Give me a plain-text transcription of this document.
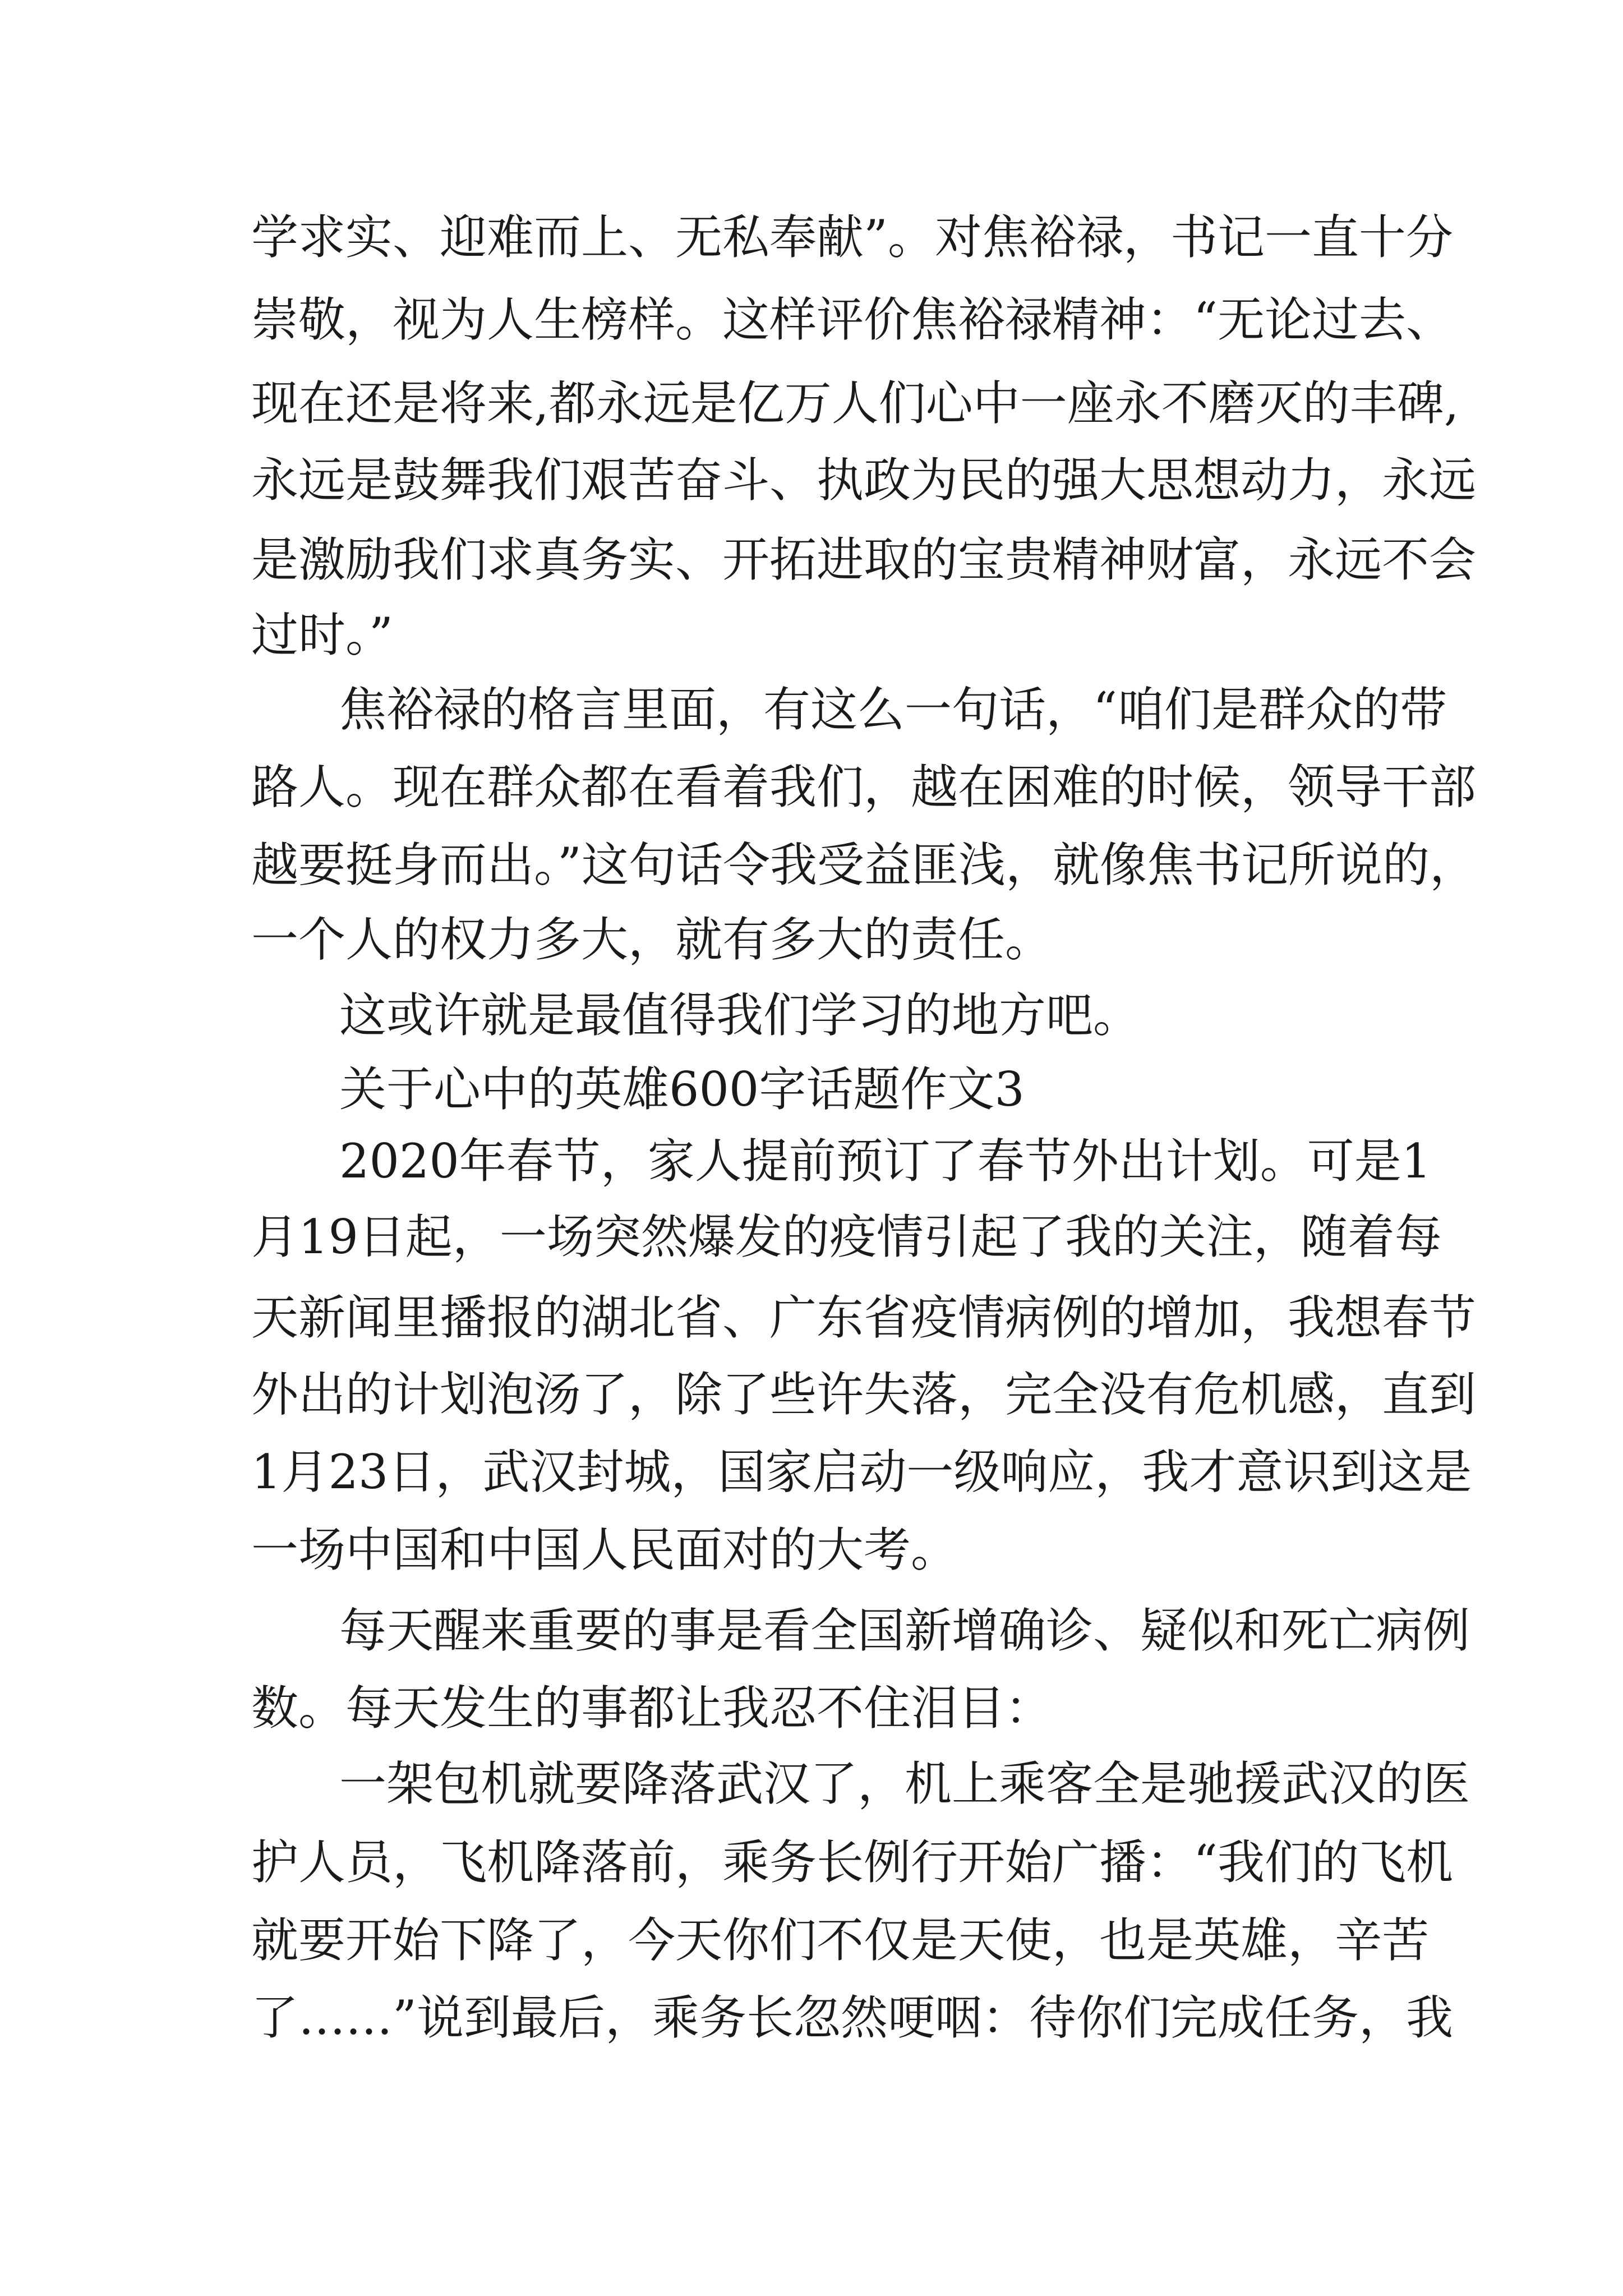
学求实、迎难而上、无私奉献”。对焦裕禄，书记一直十分

崇敬，视为人生榜样。这样评价焦裕禄精神：“无论过去、

现在还是将来,都永远是亿万人们心中一座永不磨灭的丰碑,

永远是鼓舞我们艰苦奋斗、执政为民的强大思想动力，永远

是激励我们求真务实、开拓进取的宝贵精神财富，永远不会

过时。”

焦裕禄的格言里面，有这么一句话，“咱们是群众的带

路人。现在群众都在看着我们，越在困难的时候，领导干部

越要挺身而出。”这句话令我受益匪浅，就像焦书记所说的，

一个人的权力多大，就有多大的责任。

这或许就是最值得我们学习的地方吧。

关于心中的英雄600字话题作文3

2020年春节，家人提前预订了春节外出计划。可是1

月19日起，一场突然爆发的疫情引起了我的关注，随着每

天新闻里播报的湖北省、广东省疫情病例的增加，我想春节

外出的计划泡汤了，除了些许失落，完全没有危机感，直到

1月23日，武汉封城，国家启动一级响应，我才意识到这是

一场中国和中国人民面对的大考。

每天醒来重要的事是看全国新增确诊、疑似和死亡病例

数。每天发生的事都让我忍不住泪目：

一架包机就要降落武汉了，机上乘客全是驰援武汉的医

护人员，飞机降落前，乘务长例行开始广播：“我们的飞机

就要开始下降了，今天你们不仅是天使，也是英雄，辛苦

了……”说到最后，乘务长忽然哽咽：待你们完成任务，我
